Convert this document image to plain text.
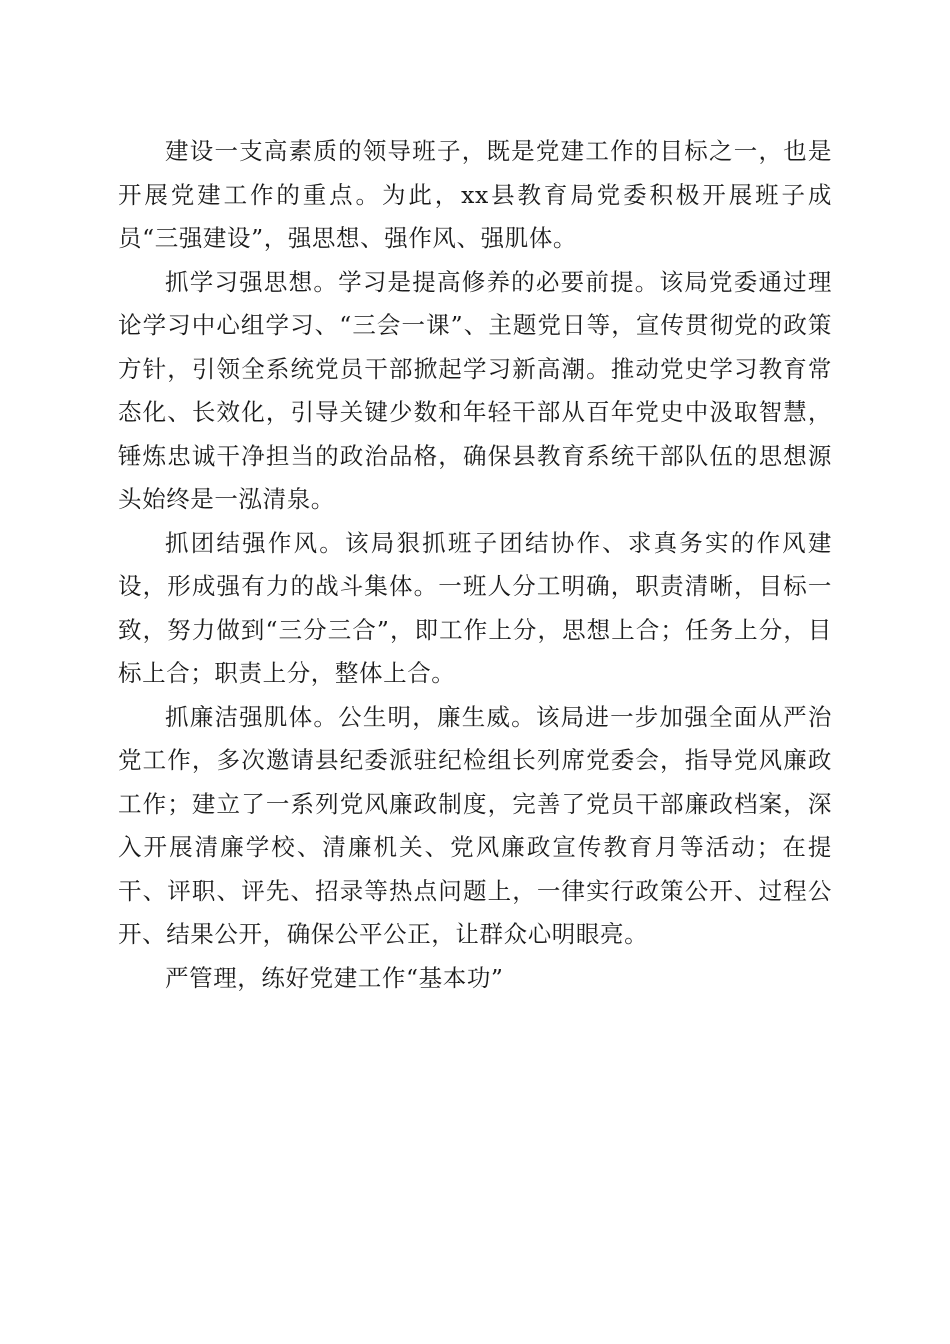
建设一支高素质的领导班子，既是党建工作的目标之一，也是开展党建工作的重点。为此，xx县教育局党委积极开展班子成员“三强建设”，强思想、强作风、强肌体。

抓学习强思想。学习是提高修养的必要前提。该局党委通过理论学习中心组学习、“三会一课”、主题党日等，宣传贯彻党的政策方针，引领全系统党员干部掀起学习新高潮。推动党史学习教育常态化、长效化，引导关键少数和年轻干部从百年党史中汲取智慧，锤炼忠诚干净担当的政治品格，确保县教育系统干部队伍的思想源头始终是一泓清泉。

抓团结强作风。该局狠抓班子团结协作、求真务实的作风建设，形成强有力的战斗集体。一班人分工明确，职责清晰，目标一致，努力做到“三分三合”，即工作上分，思想上合；任务上分，目标上合；职责上分，整体上合。

抓廉洁强肌体。公生明，廉生威。该局进一步加强全面从严治党工作，多次邀请县纪委派驻纪检组长列席党委会，指导党风廉政工作；建立了一系列党风廉政制度，完善了党员干部廉政档案，深入开展清廉学校、清廉机关、党风廉政宣传教育月等活动；在提干、评职、评先、招录等热点问题上，一律实行政策公开、过程公开、结果公开，确保公平公正，让群众心明眼亮。

严管理，练好党建工作“基本功”
